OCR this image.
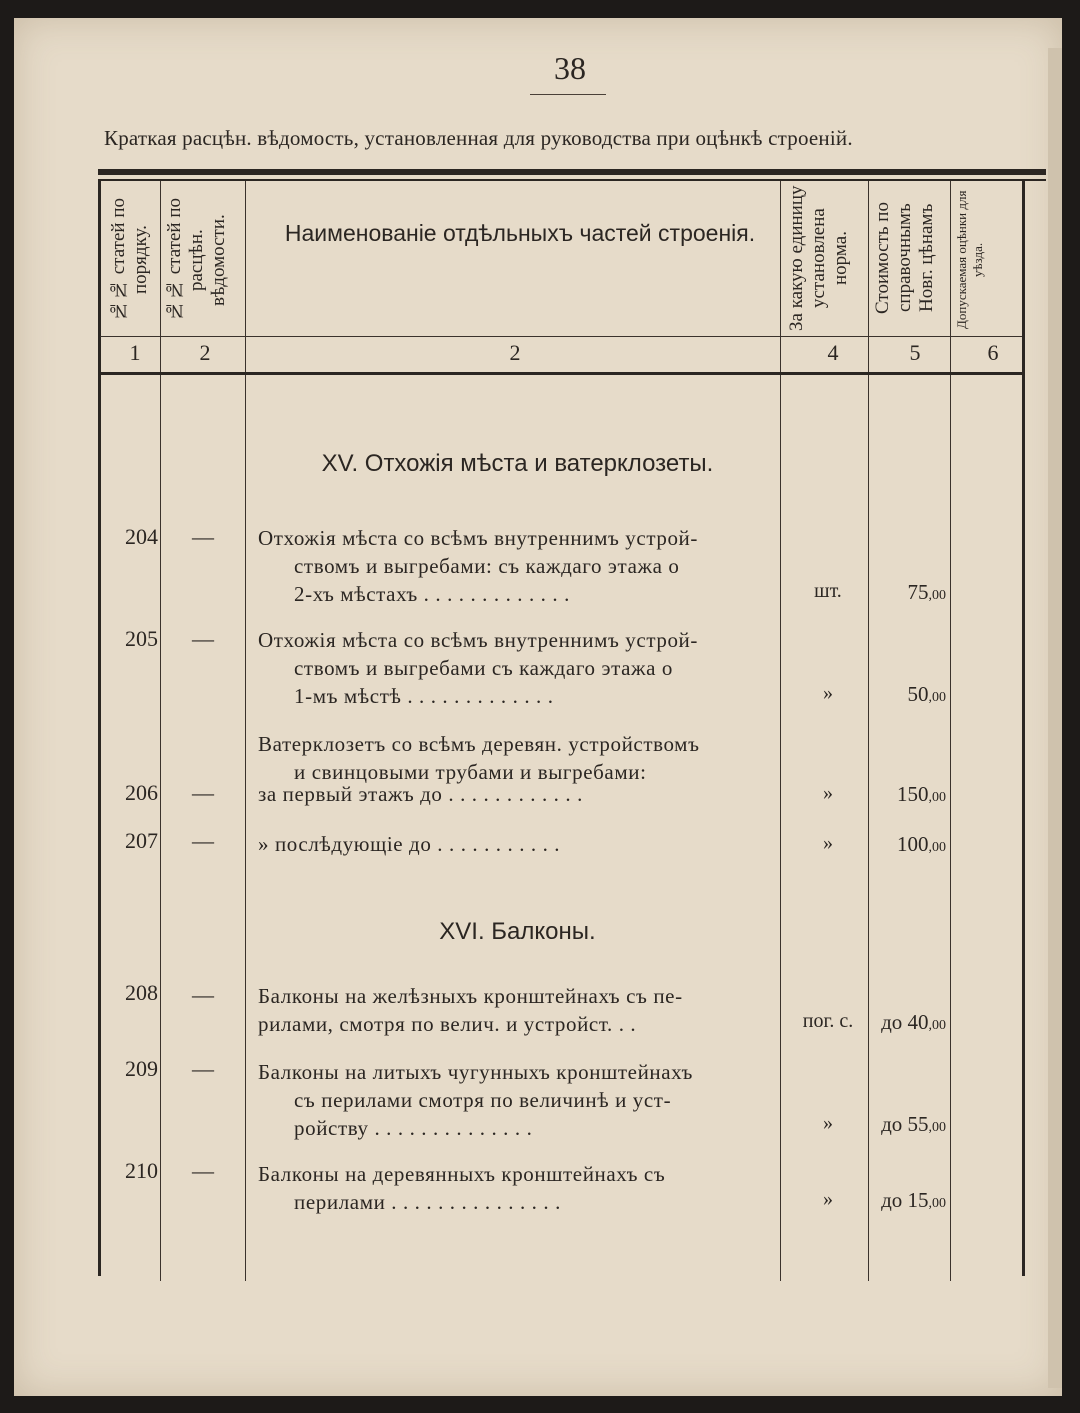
38
Краткая расцѣн. вѣдомость, установленная для руководства при оцѣнкѣ строеній.
№№ статей по порядку. №№ статей по расцѣн. вѣдомости.	Наименованіе отдѣльныхъ частей строенія.	За какую единицу установлена норма.	Стоимость по справочнымъ Новг. цѣнамъ	Допускаемая оцѣнки для уѣзда.
1	2	2	4	5	6
XV. Отхожія мѣста и ватерклозеты.
204 — Отхожія мѣста со всѣмъ внутреннимъ устрой-
ствомъ и выгребами: съ каждаго этажа о
2-хъ мѣстахъ . . . . . . . . . . . . .	шт.	75,00
205 — Отхожія мѣста со всѣмъ внутреннимъ устрой-
ствомъ и выгребами съ каждаго этажа о
1-мъ мѣстѣ . . . . . . . . . . . . .	»	50,00
Ватерклозетъ со всѣмъ деревян. устройствомъ
и свинцовыми трубами и выгребами:
206 — за первый этажъ до . . . . . . . . . . . .	»	150,00
207 — » послѣдующіе до . . . . . . . . . . .	»	100,00
XVI. Балконы.
208 — Балконы на желѣзныхъ кронштейнахъ съ пе-
рилами, смотря по велич. и устройст. . .	пог. с.	до 40,00
209 — Балконы на литыхъ чугунныхъ кронштейнахъ
съ перилами смотря по величинѣ и уст-
ройству . . . . . . . . . . . . . .	»	до 55,00
210 — Балконы на деревянныхъ кронштейнахъ съ
перилами . . . . . . . . . . . . . . .	»	до 15,00
